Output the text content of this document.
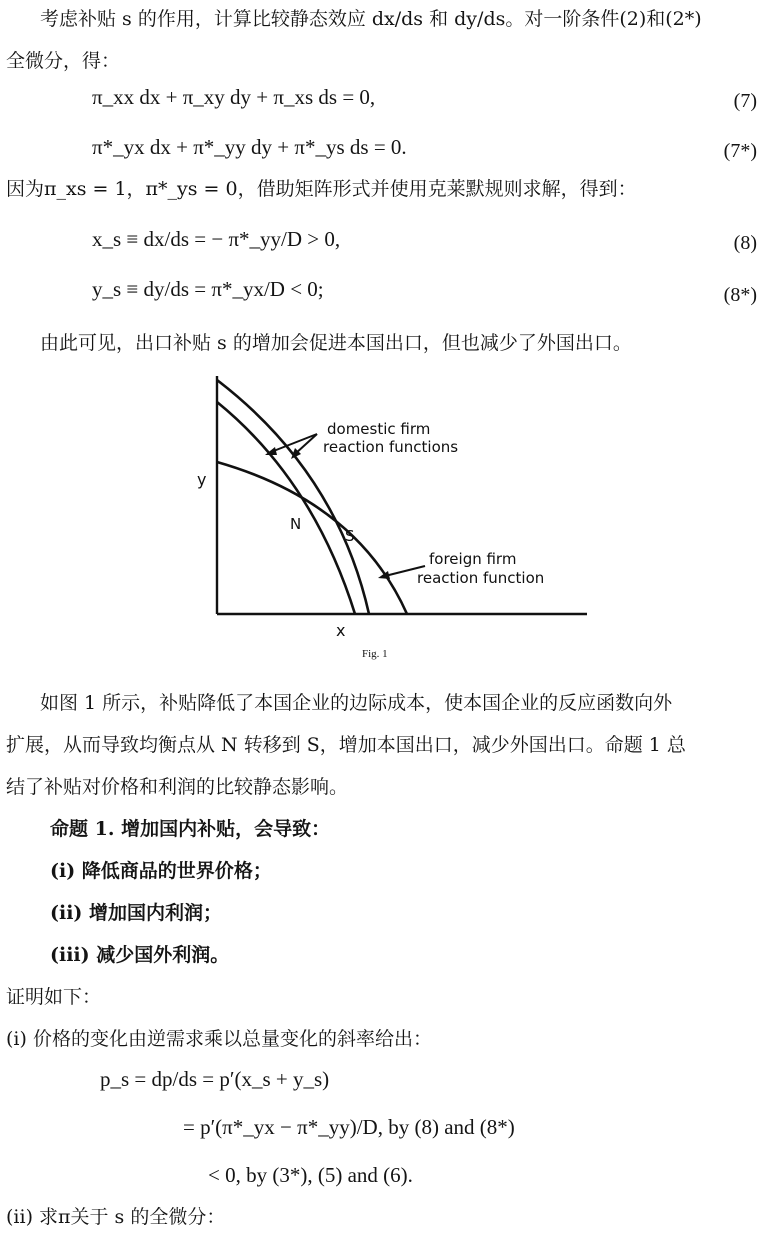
考虑补贴 s 的作用，计算比较静态效应 dx/ds 和 dy/ds。对一阶条件(2)和(2*)
全微分，得：
π_xx dx + π_xy dy + π_xs ds = 0,	(7)
π*_yx dx + π*_yy dy + π*_ys ds = 0.	(7*)
因为π_xs = 1，π*_ys = 0，借助矩阵形式并使用克莱默规则求解，得到：
x_s ≡ dx/ds = − π*_yy/D > 0,	(8)
y_s ≡ dy/ds = π*_yx/D < 0;	(8*)
由此可见，出口补贴 s 的增加会促进本国出口，但也减少了外国出口。
y
x
N
S
domestic firm
reaction functions
foreign firm
reaction function
Fig. 1
如图 1 所示，补贴降低了本国企业的边际成本，使本国企业的反应函数向外
扩展，从而导致均衡点从 N 转移到 S，增加本国出口，减少外国出口。命题 1 总
结了补贴对价格和利润的比较静态影响。
命题 1. 增加国内补贴，会导致：
(i) 降低商品的世界价格；
(ii) 增加国内利润；
(iii) 减少国外利润。
证明如下：
(i) 价格的变化由逆需求乘以总量变化的斜率给出：
p_s = dp/ds = p′(x_s + y_s)
= p′(π*_yx − π*_yy)/D, by (8) and (8*)
< 0, by (3*), (5) and (6).
(ii) 求π关于 s 的全微分：
